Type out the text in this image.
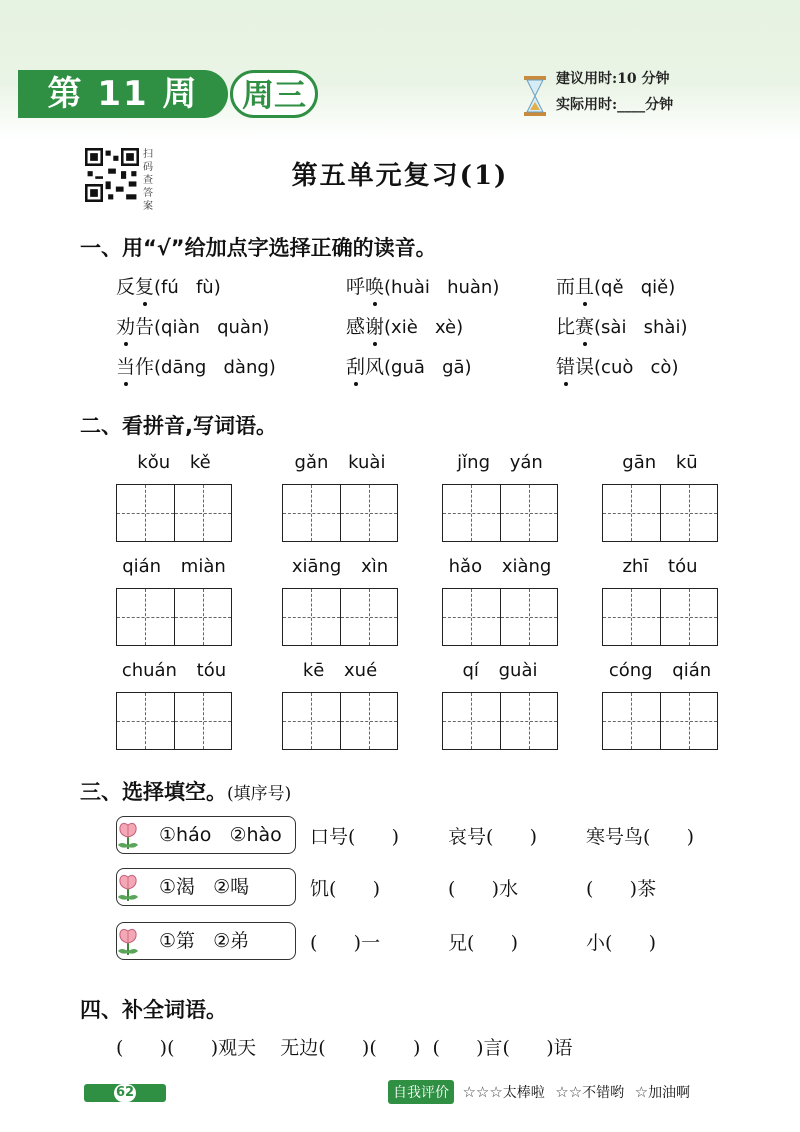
第 11 周	周三	建议用时:10 分钟
实际用时:____分钟
扫码查答案
第五单元复习(1)
一、用“√”给加点字选择正确的读音。
反复(fú   fù)	呼唤(huài   huàn)	而且(qě   qiě)
劝告(qiàn   quàn)	感谢(xiè   xè)	比赛(sài   shài)
当作(dāng   dàng)	刮风(guā   gā)	错误(cuò   cò)
二、看拼音,写词语。
kǒu kě	gǎn kuài	jǐng yán	gān kū
qián miàn	xiāng xìn	hǎo xiàng	zhī tóu
chuán tóu	kē xué	qí guài	cóng qián
三、选择填空。(填序号)
①háo   ②hào	口号(      )	哀号(      )	寒号鸟(      )
①渴   ②喝	饥(      )	(      )水	(      )茶
①第   ②弟	(      )一	兄(      )	小(      )
四、补全词语。
(      )(      )观天    无边(      )(      )  (      )言(      )语
62	自我评价 ☆☆☆太棒啦 ☆☆不错哟 ☆加油啊
